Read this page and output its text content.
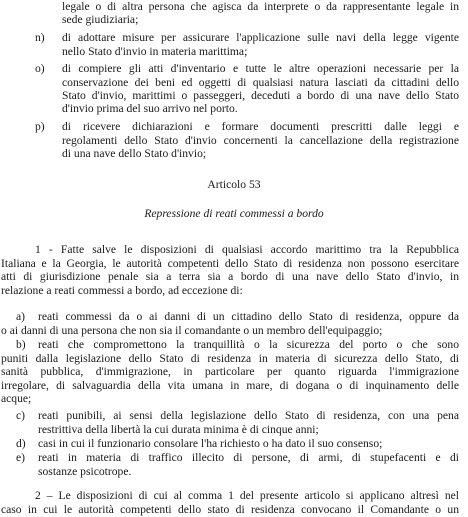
legale o di altra persona che agisca da interprete o da rappresentante legale in
sede giudiziaria;
n) di adottare misure per assicurare l'applicazione sulle navi della legge vigente
nello Stato d'invio in materia marittima;
o) di compiere gli atti d'inventario e tutte le altre operazioni necessarie per la
conservazione dei beni ed oggetti di qualsiasi natura lasciati da cittadini dello
Stato d'invio, marittimi o passeggeri, deceduti a bordo di una nave dello Stato
d'invio prima del suo arrivo nel porto.
p) di ricevere dichiarazioni e formare documenti prescritti dalle leggi e
regolamenti dello Stato d'invio concernenti la cancellazione della registrazione
di una nave dello Stato d'invio;
Articolo 53
Repressione di reati commessi a bordo
1 - Fatte salve le disposizioni di qualsiasi accordo marittimo tra la Repubblica
Italiana e la Georgia, le autorità competenti dello Stato di residenza non possono esercitare
atti di giurisdizione penale sia a terra sia a bordo di una nave dello Stato d'invio, in
relazione a reati commessi a bordo, ad eccezione di:
a) reati commessi da o ai danni di un cittadino dello Stato di residenza, oppure da
o ai danni di una persona che non sia il comandante o un membro dell'equipaggio;
b) reati che compromettono la tranquillità o la sicurezza del porto o che sono
puniti dalla legislazione dello Stato di residenza in materia di sicurezza dello Stato, di
sanità pubblica, d'immigrazione, in particolare per quanto riguarda l'immigrazione
irregolare, di salvaguardia della vita umana in mare, di dogana o di inquinamento delle
acque;
c) reati punibili, ai sensi della legislazione dello Stato di residenza, con una pena
restrittiva della libertà la cui durata minima è di cinque anni;
d) casi in cui il funzionario consolare l'ha richiesto o ha dato il suo consenso;
e) reati in materia di traffico illecito di persone, di armi, di stupefacenti e di
sostanze psicotrope.
2 – Le disposizioni di cui al comma 1 del presente articolo si applicano altresì nel
caso in cui le autorità competenti dello stato di residenza convocano il Comandante o un
